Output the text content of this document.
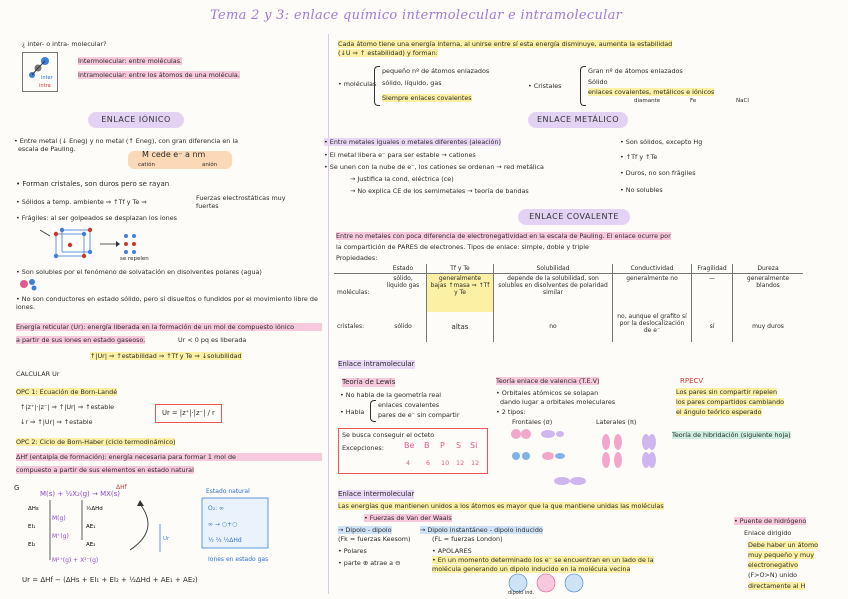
Tema 2 y 3: enlace químico intermolecular e intramolecular
¿ inter- o intra- molecular?
inter
intra
Intermolecular: entre moléculas.
Intramolecular: entre los átomos de una molécula.
ENLACE IÓNICO
• Entre metal (↓ Eneg) y no metal (↑ Eneg), con gran diferencia en la
escala de Pauling.
M cede e⁻ a nm
catión	anión
• Forman cristales, son duros pero se rayan
• Sólidos a temp. ambiente ⇒ ↑Tf y Te ⇒	Fuerzas electrostáticas muy fuertes
• Frágiles: al ser golpeados se desplazan los iones
se repelen
• Son solubles por el fenómeno de solvatación en disolventes polares (agua)
• No son conductores en estado sólido, pero sí disueltos o fundidos por el movimiento libre de iones.
Energía reticular (Ur): energía liberada en la formación de un mol de compuesto iónico
a partir de sus iones en estado gaseoso.	Ur < 0 pq es liberada
↑|Ur| ⇒ ↑estabilidad ⇒ ↑Tf y Te ⇒ ↓solubilidad
CALCULAR Ur
OPC 1: Ecuación de Born-Landé
↑|z⁺|·|z⁻| ⇒ ↑|Ur| ⇒ ↑estable
↓r ⇒ ↑|Ur| ⇒ ↑estable
Ur = |z⁺|·|z⁻| / r
OPC 2: Ciclo de Born-Haber (ciclo termodinámico)
ΔHf (entalpía de formación): energía necesaria para formar 1 mol de
compuesto a partir de sus elementos en estado natural
G
M(s) + ½X₂(g) → MX(s)
ΔHf
ΔHs
EI₁
EI₂
½ΔHd
AE₁
AE₂
M(g)
M⁺(g)
M²⁺(g) + X²⁻(g)
Ur
Estado natural
O₂: ∞
∞ → ○+○
½ ⅔ ½ΔHd
Iones en estado gas
Ur = ΔHf − (ΔHs + EI₁ + EI₂ + ½ΔHd + AE₁ + AE₂)
Cada átomo tiene una energía interna, al unirse entre sí esta energía disminuye, aumenta la estabilidad
(↓U ⇒ ↑ estabilidad) y forman:
• moléculas
pequeño nº de átomos enlazados
sólido, líquido, gas
Siempre enlaces covalentes
• Cristales
Gran nº de átomos enlazados
Sólido
enlaces covalentes, metálicos e iónicos
diamante	Fe	NaCl
ENLACE METÁLICO
• Entre metales iguales o metales diferentes (aleación)
• El metal libera e⁻ para ser estable → cationes
• Se unen con la nube de e⁻, los cationes se ordenan → red metálica
→ Justifica la cond. eléctrica (ce)
→ No explica CE de los semimetales → teoría de bandas
• Son sólidos, excepto Hg
• ↑Tf y ↑Te
• Duros, no son frágiles
• No solubles
ENLACE COVALENTE
Entre no metales con poca diferencia de electronegatividad en la escala de Pauling. El enlace ocurre por
la compartición de PARES de electrones. Tipos de enlace: simple, doble y triple
Propiedades:
	Estado	Tf y Te	Solubilidad	Conductividad	Fragilidad	Dureza
moléculas:	sólido, líquido gas	generalmente bajas ↑masa ⇒ ↑Tf y Te	depende de la solubilidad, son solubles en disolventes de polaridad similar	generalmente no	—	generalmente blandos
cristales:	sólido	altas	no	no, aunque el grafito sí por la deslocalización de e⁻	sí	muy duros
Enlace intramolecular
Teoría de Lewis
• No habla de la geometría real
• Habla
enlaces covalentes
pares de e⁻ sin compartir
Se busca conseguir el octeto
Excepciones:	Be B P S Si
4 6 10 12 12
Teoría enlace de valencia (T.E.V)
• Orbitales atómicos se solapan
dando lugar a orbitales moleculares
• 2 tipos:
Frontales (σ)	Laterales (π)
RPECV
Los pares sin compartir repelen
los pares compartidos cambiando
el ángulo teórico esperado
Teoría de hibridación (siguiente hoja)
Enlace intermolecular
Las energías que mantienen unidos a los átomos es mayor que la que mantiene unidas las moléculas
• Fuerzas de Van der Waals
→ Dipolo - dipolo
(Fk = fuerzas Keesom)
• Polares
• parte ⊕ atrae a ⊖
→ Dipolo instantáneo - dipolo inducido
(FL = fuerzas London)
• APOLARES
• En un momento determinado los e⁻ se encuentran en un lado de la
molécula generando un dipolo inducido en la molécula vecina
dipolo ind.
• Puente de hidrógeno
Enlace dirigido
Debe haber un átomo
muy pequeño y muy
electronegativo
(F>O>N) unido
directamente al H
